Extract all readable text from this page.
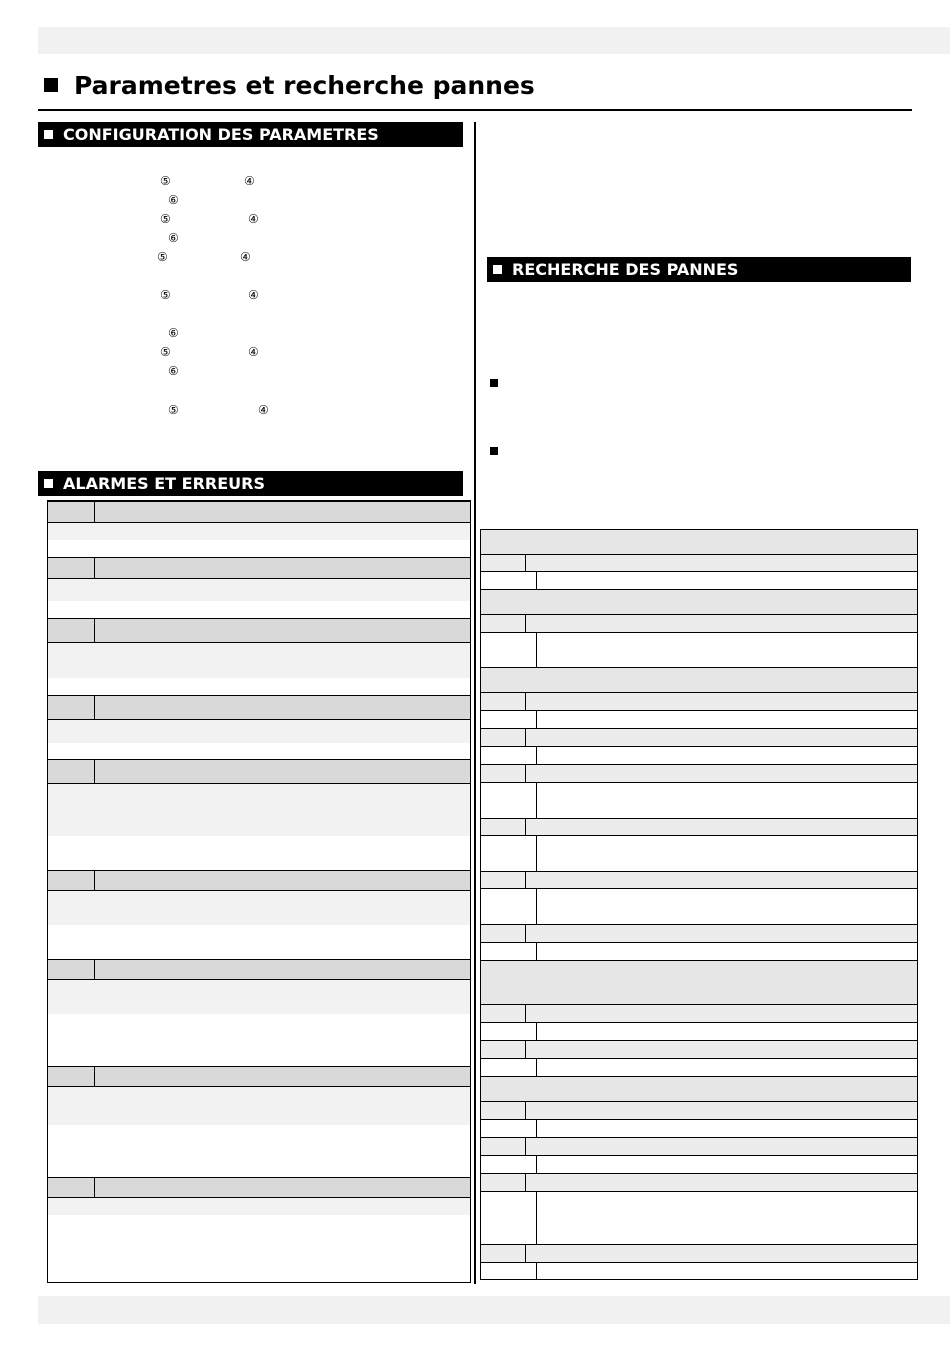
Parametres et recherche pannes
CONFIGURATION DES PARAMETRES
⑤	④
⑥
⑤	④
⑥
⑤	④
⑤	④
⑥
⑤	④
⑥
⑤	④
ALARMES ET ERREURS
RECHERCHE DES PANNES
